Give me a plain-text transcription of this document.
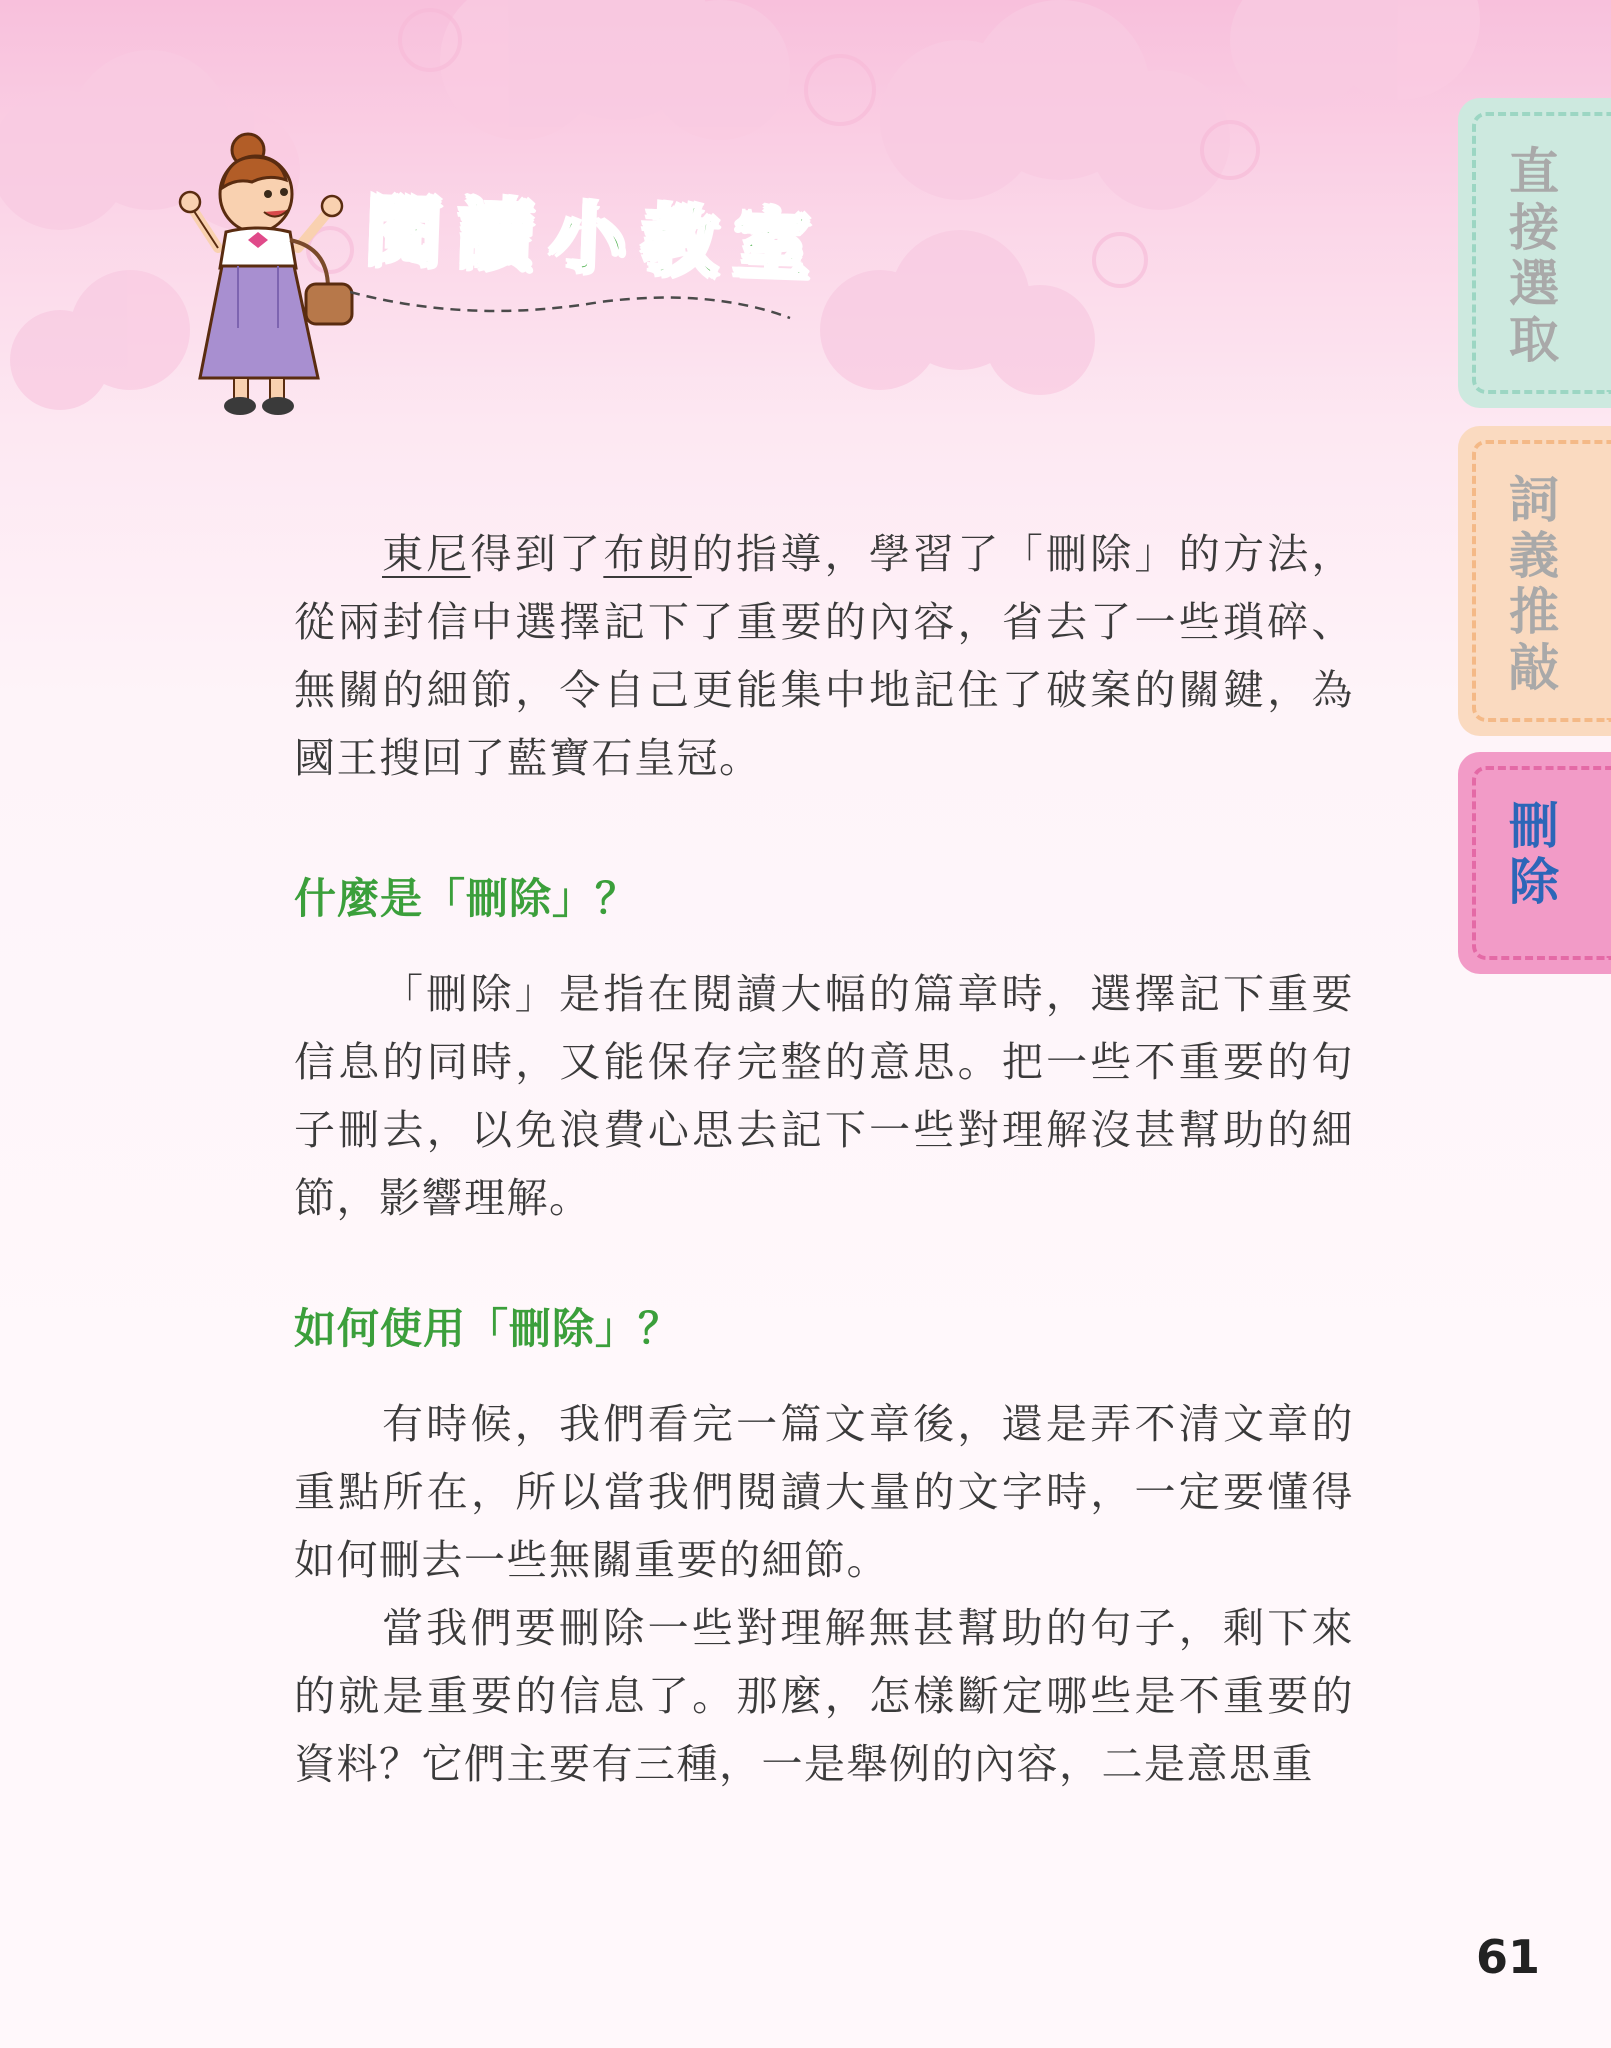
閱讀小教室
直接選取
詞義推敲
刪除

東尼得到了布朗的指導，學習了「刪除」的方法，從兩封信中選擇記下了重要的內容，省去了一些瑣碎、無關的細節，令自己更能集中地記住了破案的關鍵，為國王搜回了藍寶石皇冠。

什麼是「刪除」？

「刪除」是指在閱讀大幅的篇章時，選擇記下重要信息的同時，又能保存完整的意思。把一些不重要的句子刪去，以免浪費心思去記下一些對理解沒甚幫助的細節，影響理解。

如何使用「刪除」？

有時候，我們看完一篇文章後，還是弄不清文章的重點所在，所以當我們閱讀大量的文字時，一定要懂得如何刪去一些無關重要的細節。

當我們要刪除一些對理解無甚幫助的句子，剩下來的就是重要的信息了。那麼，怎樣斷定哪些是不重要的資料？它們主要有三種，一是舉例的內容，二是意思重

61
